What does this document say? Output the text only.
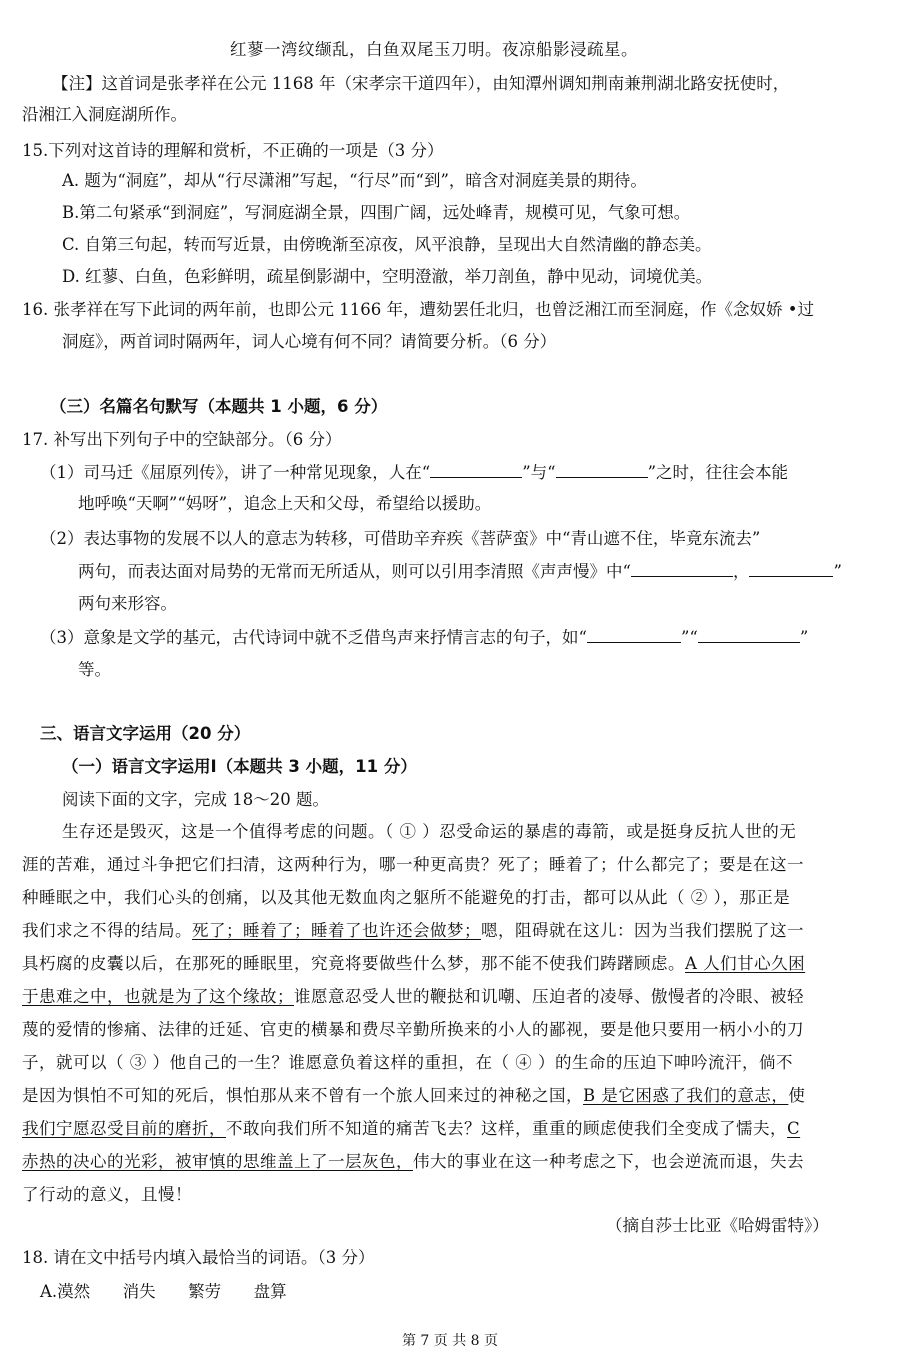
红蓼一湾纹缬乱，白鱼双尾玉刀明。夜凉船影浸疏星。
【注】这首词是张孝祥在公元 1168 年（宋孝宗干道四年），由知潭州调知荆南兼荆湖北路安抚使时，
沿湘江入洞庭湖所作。
15.下列对这首诗的理解和赏析，不正确的一项是（3 分）
A. 题为“洞庭”，却从“行尽潇湘”写起，“行尽”而“到”，暗含对洞庭美景的期待。
B.第二句紧承“到洞庭”，写洞庭湖全景，四围广阔，远处峰青，规模可见，气象可想。
C. 自第三句起，转而写近景，由傍晚渐至凉夜，风平浪静，呈现出大自然清幽的静态美。
D. 红蓼、白鱼，色彩鲜明，疏星倒影湖中，空明澄澈，举刀剖鱼，静中见动，词境优美。
16. 张孝祥在写下此词的两年前，也即公元 1166 年，遭劾罢任北归，也曾泛湘江而至洞庭，作《念奴娇 •过
洞庭》，两首词时隔两年，词人心境有何不同？请简要分析。（6 分）
（三）名篇名句默写（本题共 1 小题，6 分）
17. 补写出下列句子中的空缺部分。（6 分）
（1）司马迁《屈原列传》，讲了一种常见现象，人在“	”与“	”之时，往往会本能
地呼唤“天啊”“妈呀”，追念上天和父母，希望给以援助。
（2）表达事物的发展不以人的意志为转移，可借助辛弃疾《菩萨蛮》中“青山遮不住，毕竟东流去”
两句，而表达面对局势的无常而无所适从，则可以引用李清照《声声慢》中“	，	”
两句来形容。
（3）意象是文学的基元，古代诗词中就不乏借鸟声来抒情言志的句子，如“	”“	”
等。
三、语言文字运用（20 分）
（一）语言文字运用Ⅰ（本题共 3 小题，11 分）
阅读下面的文字，完成 18～20 题。
生存还是毁灭，这是一个值得考虑的问题。（ ① ）忍受命运的暴虐的毒箭，或是挺身反抗人世的无
涯的苦难，通过斗争把它们扫清，这两种行为，哪一种更高贵？死了；睡着了；什么都完了；要是在这一
种睡眠之中，我们心头的创痛，以及其他无数血肉之躯所不能避免的打击，都可以从此（ ② ），那正是
我们求之不得的结局。死了；睡着了；睡着了也许还会做梦；嗯，阻碍就在这儿：因为当我们摆脱了这一
具朽腐的皮囊以后，在那死的睡眠里，究竟将要做些什么梦，那不能不使我们踌躇顾虑。A 人们甘心久困
于患难之中，也就是为了这个缘故；谁愿意忍受人世的鞭挞和讥嘲、压迫者的凌辱、傲慢者的冷眼、被轻
蔑的爱情的惨痛、法律的迁延、官吏的横暴和费尽辛勤所换来的小人的鄙视，要是他只要用一柄小小的刀
子，就可以（ ③ ）他自己的一生？谁愿意负着这样的重担，在（ ④ ）的生命的压迫下呻吟流汗，倘不
是因为惧怕不可知的死后，惧怕那从来不曾有一个旅人回来过的神秘之国，B 是它困惑了我们的意志，使
我们宁愿忍受目前的磨折，不敢向我们所不知道的痛苦飞去？这样，重重的顾虑使我们全变成了懦夫，C
赤热的决心的光彩，被审慎的思维盖上了一层灰色，伟大的事业在这一种考虑之下，也会逆流而退，失去
了行动的意义，且慢！
（摘自莎士比亚《哈姆雷特》）
18. 请在文中括号内填入最恰当的词语。（3 分）
A.漠然 消失 繁劳 盘算
第 7 页 共 8 页
